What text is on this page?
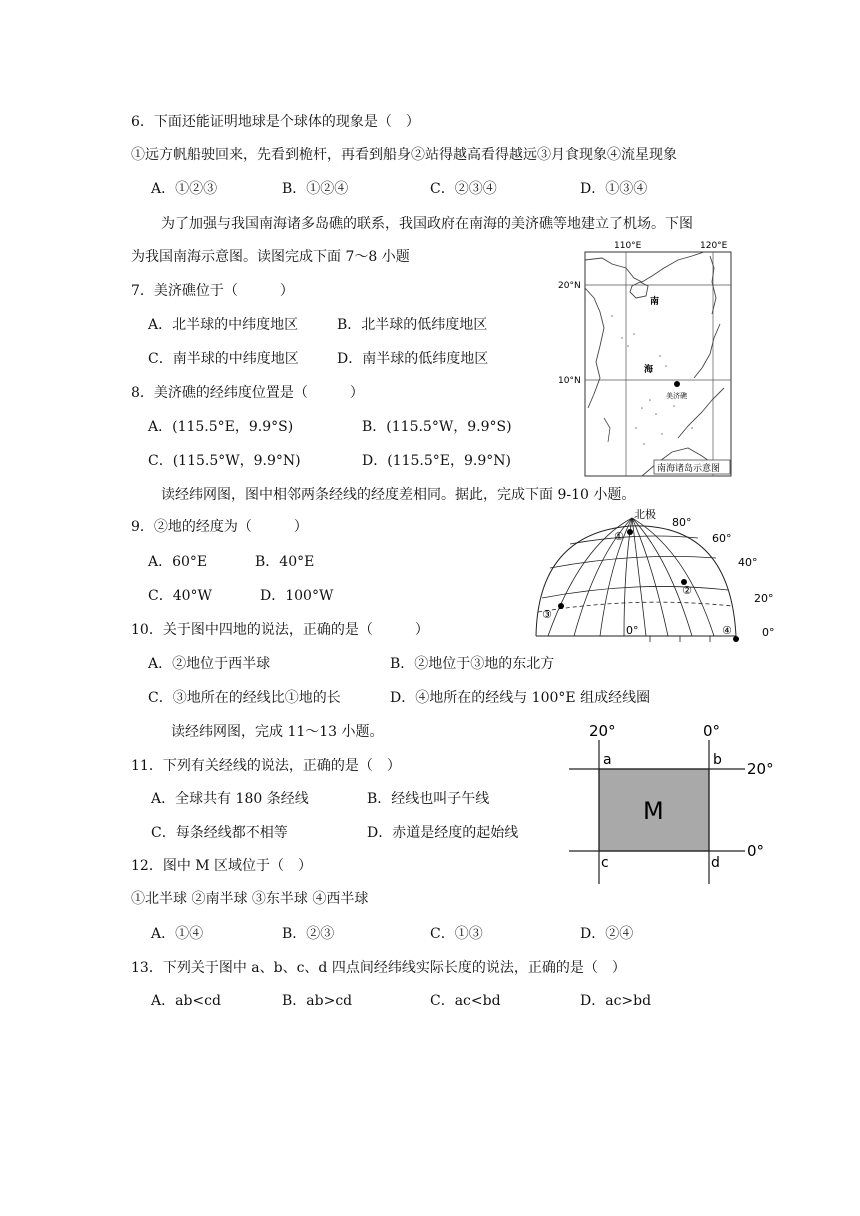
6．下面还能证明地球是个球体的现象是（　）
①远方帆船驶回来，先看到桅杆，再看到船身②站得越高看得越远③月食现象④流星现象
A．①②③	B．①②④	C．②③④	D．①③④
为了加强与我国南海诸多岛礁的联系，我国政府在南海的美济礁等地建立了机场。下图
为我国南海示意图。读图完成下面 7～8 小题
7．美济礁位于（　　　）
A．北半球的中纬度地区	B．北半球的低纬度地区
C．南半球的中纬度地区	D．南半球的低纬度地区
8．美济礁的经纬度位置是（　　　）
A．(115.5°E，9.9°S)	B．(115.5°W，9.9°S)
C．(115.5°W，9.9°N)	D．(115.5°E，9.9°N)
110°E	120°E
20°N
10°N
南
海
美济礁
南海诸岛示意图
读经纬网图，图中相邻两条经线的经度差相同。据此，完成下面 9-10 小题。
9．②地的经度为（　　　）
A．60°E	B．40°E
C．40°W	D．100°W
10．关于图中四地的说法，正确的是（　　　）
A．②地位于西半球	B．②地位于③地的东北方
C．③地所在的经线比①地的长	D．④地所在的经线与 100°E 组成经线圈
北极
80°
60°
40°
20°
0°
0°
①
②
③
④
读经纬网图，完成 11～13 小题。
11．下列有关经线的说法，正确的是（　）
A．全球共有 180 条经线	B．经线也叫子午线
C．每条经线都不相等	D．赤道是经度的起始线
12．图中 M 区域位于（　）
①北半球 ②南半球 ③东半球 ④西半球
A．①④	B．②③	C．①③	D．②④
13．下列关于图中 a、b、c、d 四点间经纬线实际长度的说法，正确的是（　）
A．ab<cd	B．ab>cd	C．ac<bd	D．ac>bd
20°	0°
20°
0°
a	b
c	d
M
